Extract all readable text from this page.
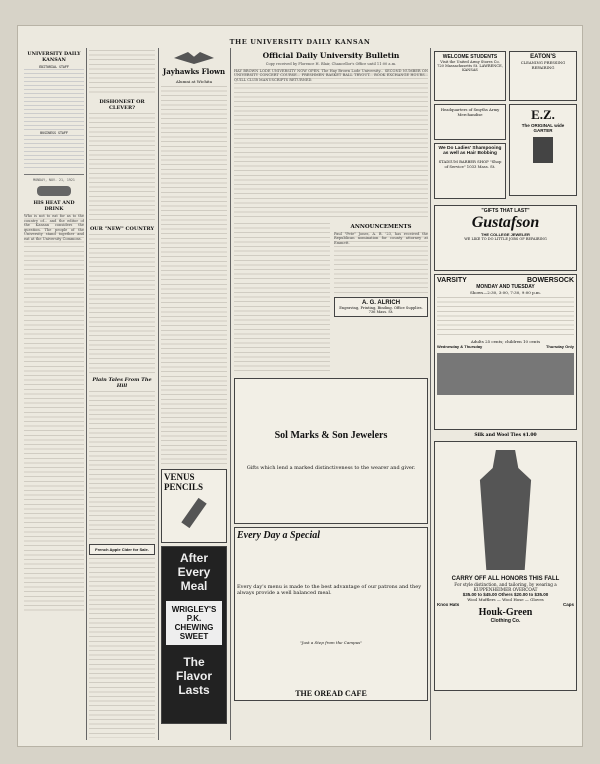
THE UNIVERSITY DAILY KANSAN
UNIVERSITY DAILY KANSAN
EDITORIAL STAFF
BUSINESS STAFF
MONDAY, NOV. 21, 1921
HIS HEAT AND DRINK
Who is not to eat for as to the country of... and the editor of the Kansan considers the question. The people of the University stand together and eat at the University Commons.
DISHONEST OR CLEVER?
OUR "NEW" COUNTRY
Plain Tales From The Hill
French Apple Cider for Sale.
Jayhawks Flown
Alumni at Wichita
VENUS PENCILS
After Every Meal
WRIGLEY'S P.K. CHEWING SWEET
The Flavor Lasts
Official Daily University Bulletin
Copy received by Florence H. Blair, Chancellor's Office until 11:00 a.m.
HAY BROWN LODE UNIVERSITY NOW OPEN. The Hay Brown Lode University... SECOND NUMBER ON UNIVERSITY CONCERT COURSE... FRESHMEN BASKET BALL TRYOUT... BOOK EXCHANGE HOURS... QUILL CLUB MANUSCRIPTS RETURNED.
ANNOUNCEMENTS
Paul "Pete" Jones, A. B. '23, has received the Republican nomination for county attorney at Emmett.
A. G. ALRICH
Engraving, Printing, Binding. Office Supplies. 736 Mass. St.
Sol Marks & Son Jewelers
Gifts which lend a marked distinctiveness to the wearer and giver.
Every Day a Special
Every day's menu is made to the best advantage of our patrons and they always provide a well balanced meal.
"Just a Step from the Campus"
THE OREAD CAFE
WELCOME STUDENTS
Visit the United Army Stores Co. 720 Massachusetts St. LAWRENCE, KANSAS
Headquarters of Smyths Army Merchandise
We Do Ladies' Shampooing as well as Hair Bobbing
STADIUM BARBER SHOP "Shop of Service" 1033 Mass. St.
EATON'S
CLEANING PRESSING REPAIRING
E.Z.
The ORIGINAL wide GARTER
"GIFTS THAT LAST"
Gustafson
THE COLLEGE JEWELER
WE LIKE TO DO LITTLE JOBS OF REPAIRING
VARSITY	BOWERSOCK
MONDAY AND TUESDAY
Shows—2:30, 3:00, 7:30, 9:00 p.m.
Adults 25 cents; children 10 cents
Wednesday & Thursday	Thursday Only
Silk and Wool Ties $1.00
CARRY OFF ALL HONORS THIS FALL
For style distinction, and tailoring, by wearing a KUPPENHEIMER OVERCOAT
$35.00 to $45.00 Others $20.00 to $35.00
Wool Mufflers — Wool Hose — Gloves
Knox Hats	Caps
Houk-Green
Clothing Co.
